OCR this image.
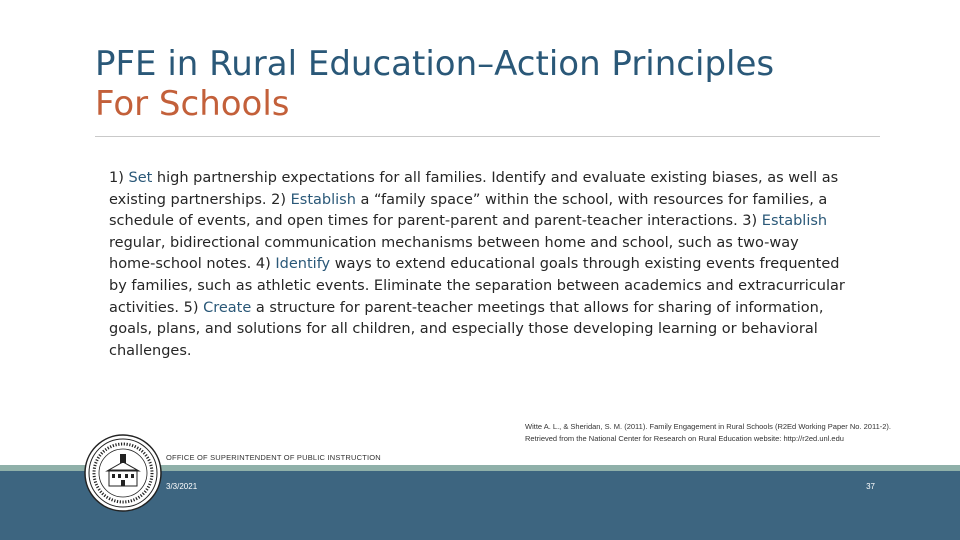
PFE in Rural Education–Action Principles
For Schools
1) Set high partnership expectations for all families. Identify and evaluate existing biases, as well as existing partnerships. 2) Establish a “family space” within the school, with resources for families, a schedule of events, and open times for parent-parent and parent-teacher interactions. 3) Establish regular, bidirectional communication mechanisms between home and school, such as two-way home-school notes. 4) Identify ways to extend educational goals through existing events frequented by families, such as athletic events. Eliminate the separation between academics and extracurricular activities. 5) Create a structure for parent-teacher meetings that allows for sharing of information, goals, plans, and solutions for all children, and especially those developing learning or behavioral challenges.
Witte A. L., & Sheridan, S. M. (2011). Family Engagement in Rural Schools (R2Ed Working Paper No. 2011-2). Retrieved from the National Center for Research on Rural Education website: http://r2ed.unl.edu
OFFICE OF SUPERINTENDENT OF PUBLIC INSTRUCTION
3/3/2021	37
